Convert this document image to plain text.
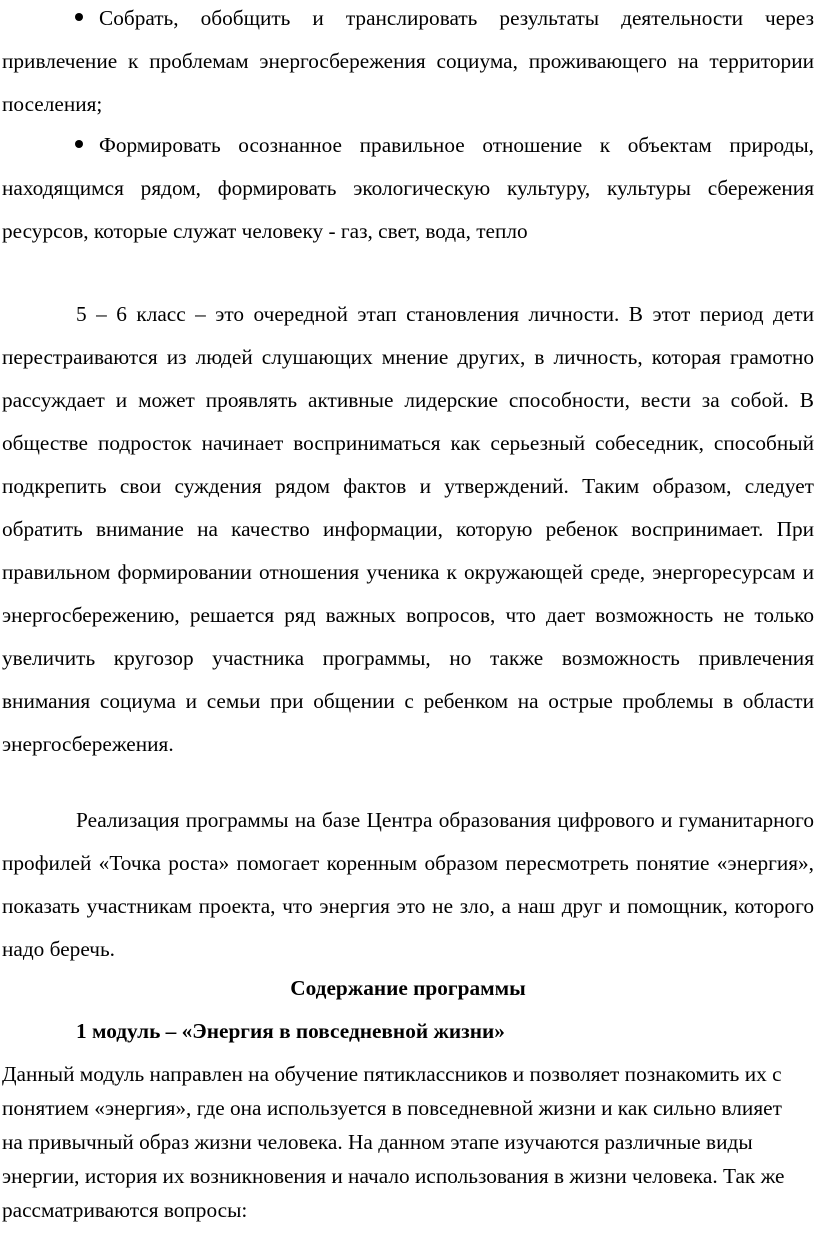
Собрать, обобщить и транслировать результаты деятельности через привлечение к проблемам энергосбережения социума, проживающего на территории поселения;

Формировать осознанное правильное отношение к объектам природы, находящимся рядом, формировать экологическую культуру, культуры сбережения ресурсов, которые служат человеку - газ, свет, вода, тепло

5 – 6 класс – это очередной этап становления личности. В этот период дети перестраиваются из людей слушающих мнение других, в личность, которая грамотно рассуждает и может проявлять активные лидерские способности, вести за собой. В обществе подросток начинает восприниматься как серьезный собеседник, способный подкрепить свои суждения рядом фактов и утверждений. Таким образом, следует обратить внимание на качество информации, которую ребенок воспринимает. При правильном формировании отношения ученика к окружающей среде, энергоресурсам и энергосбережению, решается ряд важных вопросов, что дает возможность не только увеличить кругозор участника программы, но также возможность привлечения внимания социума и семьи при общении с ребенком на острые проблемы в области энергосбережения.

Реализация программы на базе Центра образования цифрового и гуманитарного профилей «Точка роста» помогает коренным образом пересмотреть понятие «энергия», показать участникам проекта, что энергия это не зло, а наш друг и помощник, которого надо беречь.

Содержание программы

1 модуль – «Энергия в повседневной жизни»

Данный модуль направлен на обучение пятиклассников и позволяет познакомить их с понятием «энергия», где она используется в повседневной жизни и как сильно влияет на привычный образ жизни человека. На данном этапе изучаются различные виды энергии, история их возникновения и начало использования в жизни человека. Так же рассматриваются вопросы:
